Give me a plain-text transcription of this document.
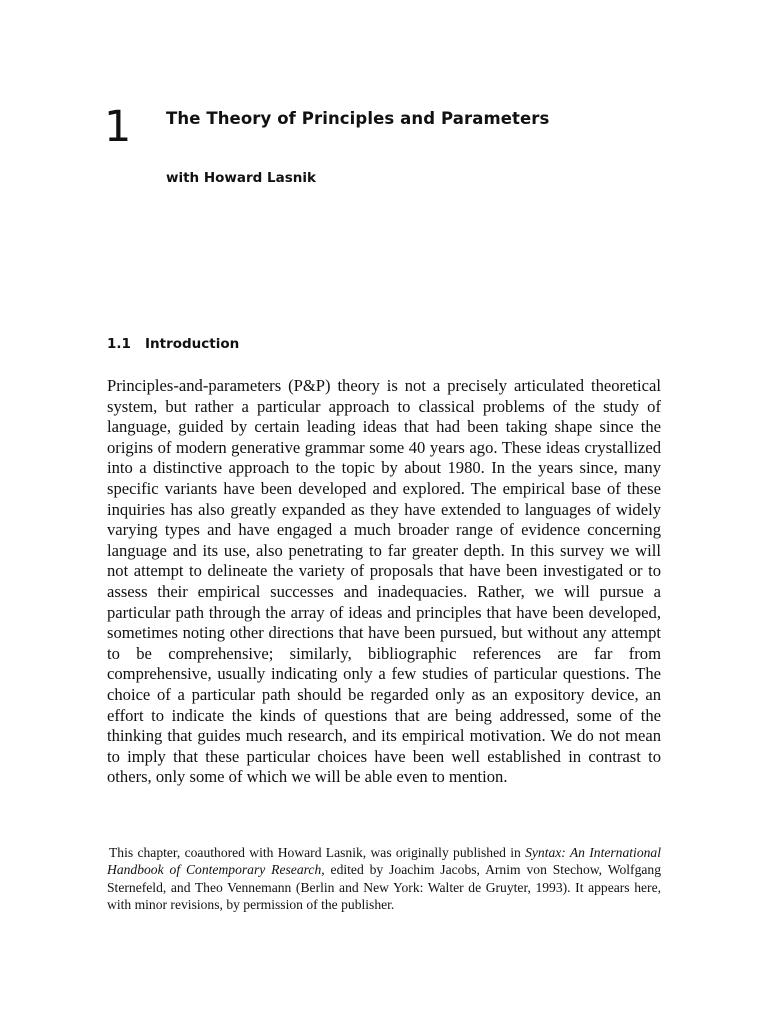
1 The Theory of Principles and Parameters
with Howard Lasnik
1.1 Introduction

Principles-and-parameters (P&P) theory is not a precisely articulated theoretical system, but rather a particular approach to classical problems of the study of language, guided by certain leading ideas that had been taking shape since the origins of modern generative grammar some 40 years ago. These ideas crystallized into a distinctive approach to the topic by about 1980. In the years since, many specific variants have been developed and explored. The empirical base of these inquiries has also greatly expanded as they have extended to languages of widely varying types and have engaged a much broader range of evidence concerning language and its use, also penetrating to far greater depth. In this survey we will not attempt to delineate the variety of proposals that have been investigated or to assess their empirical successes and inadequacies. Rather, we will pursue a particular path through the array of ideas and principles that have been developed, sometimes noting other directions that have been pursued, but without any attempt to be comprehensive; similarly, bibliographic references are far from comprehensive, usually indicating only a few studies of particular questions. The choice of a particular path should be regarded only as an expository device, an effort to indicate the kinds of questions that are being addressed, some of the thinking that guides much research, and its empirical motivation. We do not mean to imply that these particular choices have been well established in contrast to others, only some of which we will be able even to mention.

This chapter, coauthored with Howard Lasnik, was originally published in Syntax: An International Handbook of Contemporary Research, edited by Joachim Jacobs, Arnim von Stechow, Wolfgang Sternefeld, and Theo Vennemann (Berlin and New York: Walter de Gruyter, 1993). It appears here, with minor revisions, by permission of the publisher.
